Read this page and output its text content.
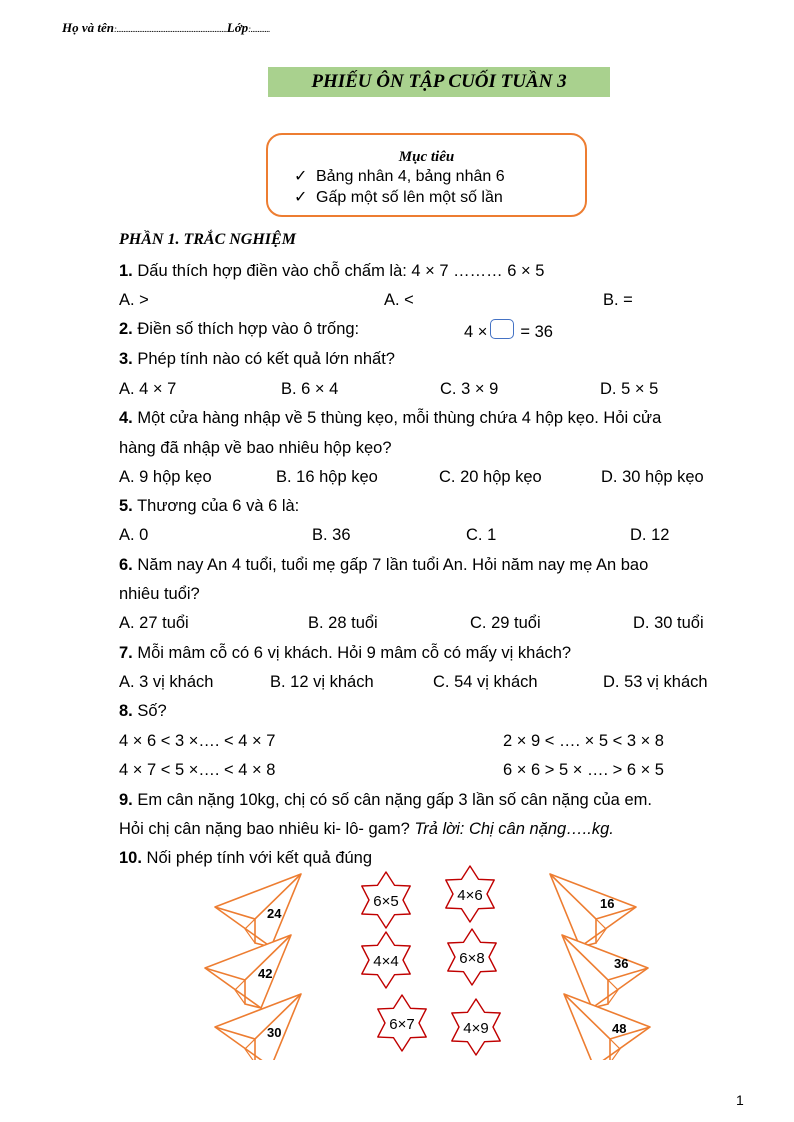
Họ và tên:...............................................................Lớp:...........
PHIẾU ÔN TẬP CUỐI TUẦN 3
Mục tiêu
✓ Bảng nhân 4, bảng nhân 6
✓ Gấp một số lên một số lần
PHẦN 1. TRẮC NGHIỆM
1. Dấu thích hợp điền vào chỗ chấm là: 4 × 7 ……… 6 × 5
A. >	A. <	B. =
2. Điền số thích hợp vào ô trống:	4 × = 36
3. Phép tính nào có kết quả lớn nhất?
A. 4 × 7	B. 6 × 4	C. 3 × 9	D. 5 × 5
4. Một cửa hàng nhập về 5 thùng kẹo, mỗi thùng chứa 4 hộp kẹo. Hỏi cửa
hàng đã nhập về bao nhiêu hộp kẹo?
A. 9 hộp kẹo	B. 16 hộp kẹo	C. 20 hộp kẹo	D. 30 hộp kẹo
5. Thương của 6 và 6 là:
A. 0	B. 36	C. 1	D. 12
6. Năm nay An 4 tuổi, tuổi mẹ gấp 7 lần tuổi An. Hỏi năm nay mẹ An bao
nhiêu tuổi?
A. 27 tuổi	B. 28 tuổi	C. 29 tuổi	D. 30 tuổi
7. Mỗi mâm cỗ có 6 vị khách. Hỏi 9 mâm cỗ có mấy vị khách?
A. 3 vị khách	B. 12 vị khách	C. 54 vị khách	D. 53 vị khách
8. Số?
4 × 6 < 3 ×…. < 4 × 7	2 × 9 < …. × 5 < 3 × 8
4 × 7 < 5 ×…. < 4 × 8	6 × 6 > 5 × …. > 6 × 5
9. Em cân nặng 10kg, chị có số cân nặng gấp 3 lần số cân nặng của em.
Hỏi chị cân nặng bao nhiêu ki- lô- gam? Trả lời: Chị cân nặng…..kg.
10. Nối phép tính với kết quả đúng
24
42
30
16
36
48
6×5	4×6
4×4	6×8
6×7	4×9
1
